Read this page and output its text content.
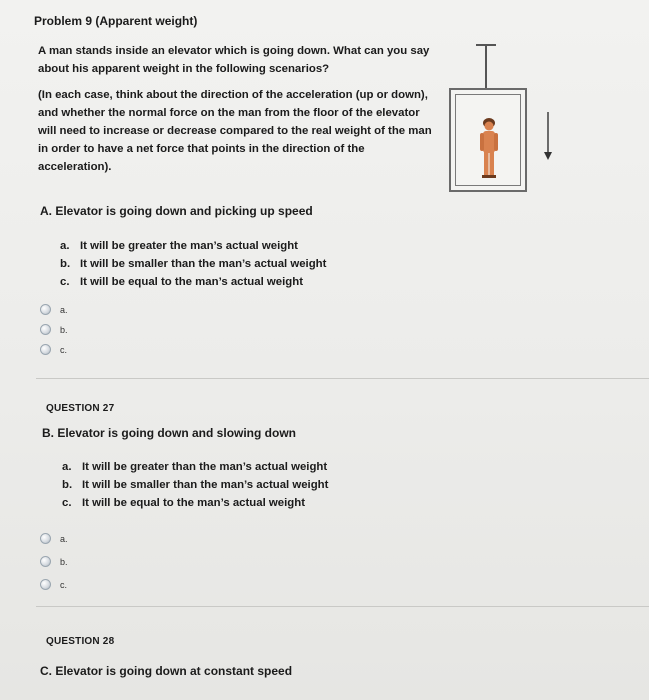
Problem 9 (Apparent weight)
A man stands inside an elevator which is going down. What can you say about his apparent weight in the following scenarios?
(In each case, think about the direction of the acceleration (up or down), and whether the normal force on the man from the floor of the elevator will need to increase or decrease compared to the real weight of the man in order to have a net force that points in the direction of the acceleration).
A. Elevator is going down and picking up speed
a. It will be greater the man’s actual weight
b. It will be smaller than the man’s actual weight
c. It will be equal to the man’s actual weight
a.
b.
c.
QUESTION 27
B. Elevator is going down and slowing down
a. It will be greater than the man’s actual weight
b. It will be smaller than the man’s actual weight
c. It will be equal to the man’s actual weight
a.
b.
c.
QUESTION 28
C. Elevator is going down at constant speed
